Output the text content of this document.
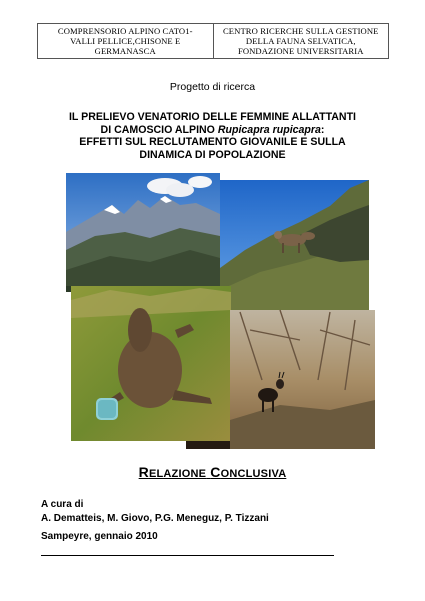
COMPRENSORIO ALPINO CATO1-
VALLI PELLICE,CHISONE E
GERMANASCA
CENTRO RICERCHE SULLA GESTIONE
DELLA FAUNA SELVATICA,
FONDAZIONE UNIVERSITARIA
Progetto di ricerca
IL PRELIEVO VENATORIO DELLE FEMMINE ALLATTANTI
DI CAMOSCIO ALPINO Rupicapra rupicapra:
EFFETTI SUL RECLUTAMENTO GIOVANILE E SULLA
DINAMICA DI POPOLAZIONE
RELAZIONE CONCLUSIVA
A cura di
A. Dematteis, M. Giovo, P.G. Meneguz, P. Tizzani
Sampeyre, gennaio 2010
